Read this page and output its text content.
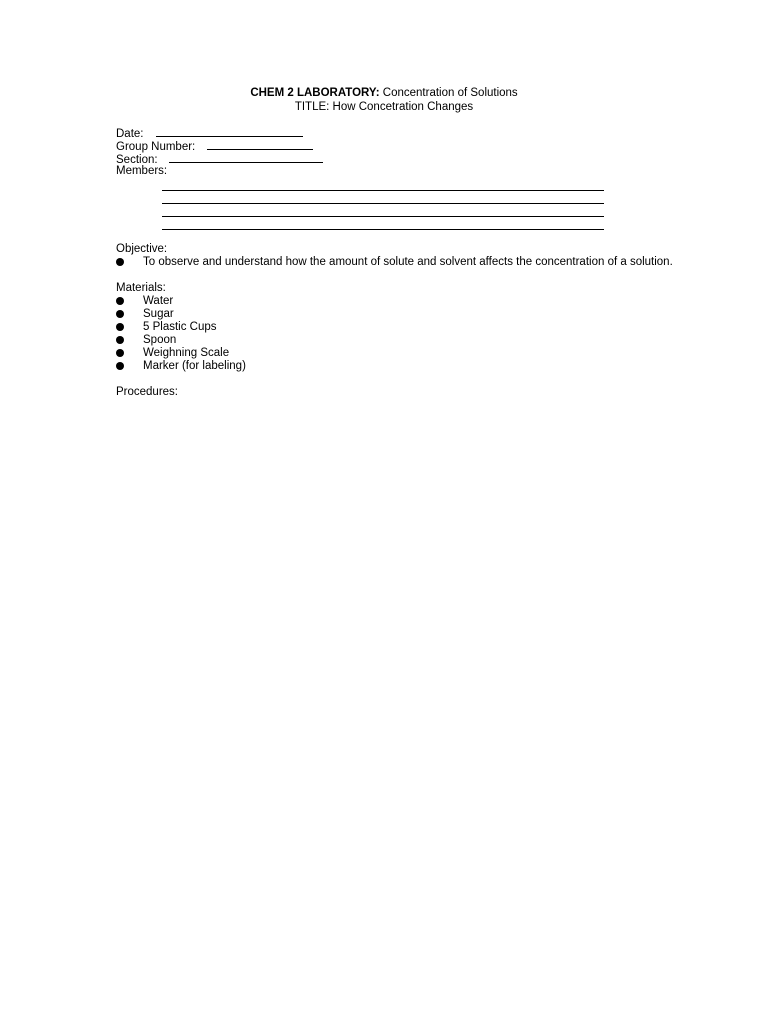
CHEM 2 LABORATORY: Concentration of Solutions
TITLE: How Concetration Changes
Date:
Group Number:
Section:
Members:
Objective:
To observe and understand how the amount of solute and solvent affects the concentration of a solution.
Materials:
Water
Sugar
5 Plastic Cups
Spoon
Weighning Scale
Marker (for labeling)
Procedures:
